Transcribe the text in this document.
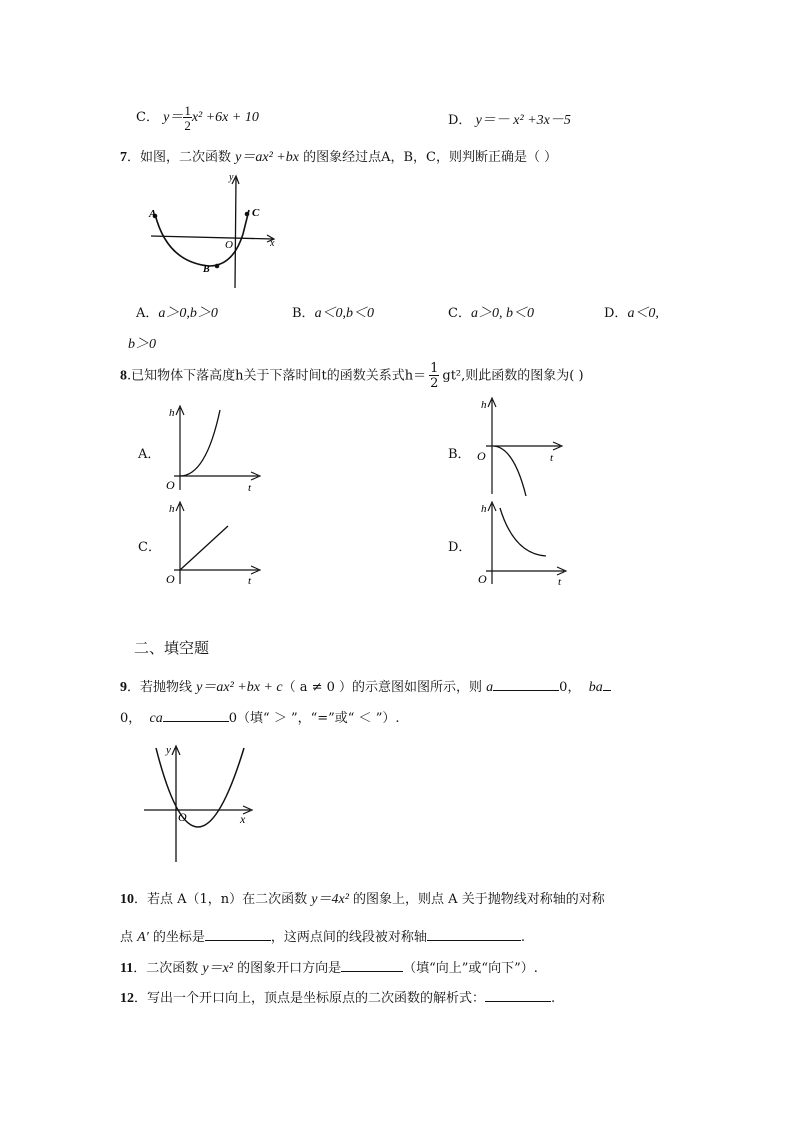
C． $y= \frac{1}{2} x^2 +6x + 10$	D． y＝－ x² +3x－5
7．如图，二次函数 y＝ax² +bx 的图象经过点A，B，C，则判断正确是（ ）
y
x
O
A
B
C
A．a＞0,b＞0	B．a＜0,b＜0	C．a＞0, b＜0	D．a＜0,
b＞0
8.已知物体下落高度h关于下落时间t的函数关系式$h= \frac{1}{2} gt^2$,则此函数的图象为( )
A．
h
t
O
B．
h
t
O
C．
h
t
O
D．
h
t
O
二、填空题
9．若抛物线 y＝ax² +bx + c（ a ≠ 0 ）的示意图如图所示，则 a	0， ba
0， ca	0（填“ ＞ ”，“=”或“ ＜ ”）.
y
x
O
10．若点 A（1，n）在二次函数 y＝4x² 的图象上，则点 A 关于抛物线对称轴的对称
点 A′ 的坐标是	，这两点间的线段被对称轴	.
11．二次函数 y＝x² 的图象开口方向是	（填“向上”或“向下”）.
12．写出一个开口向上，顶点是坐标原点的二次函数的解析式：	.
